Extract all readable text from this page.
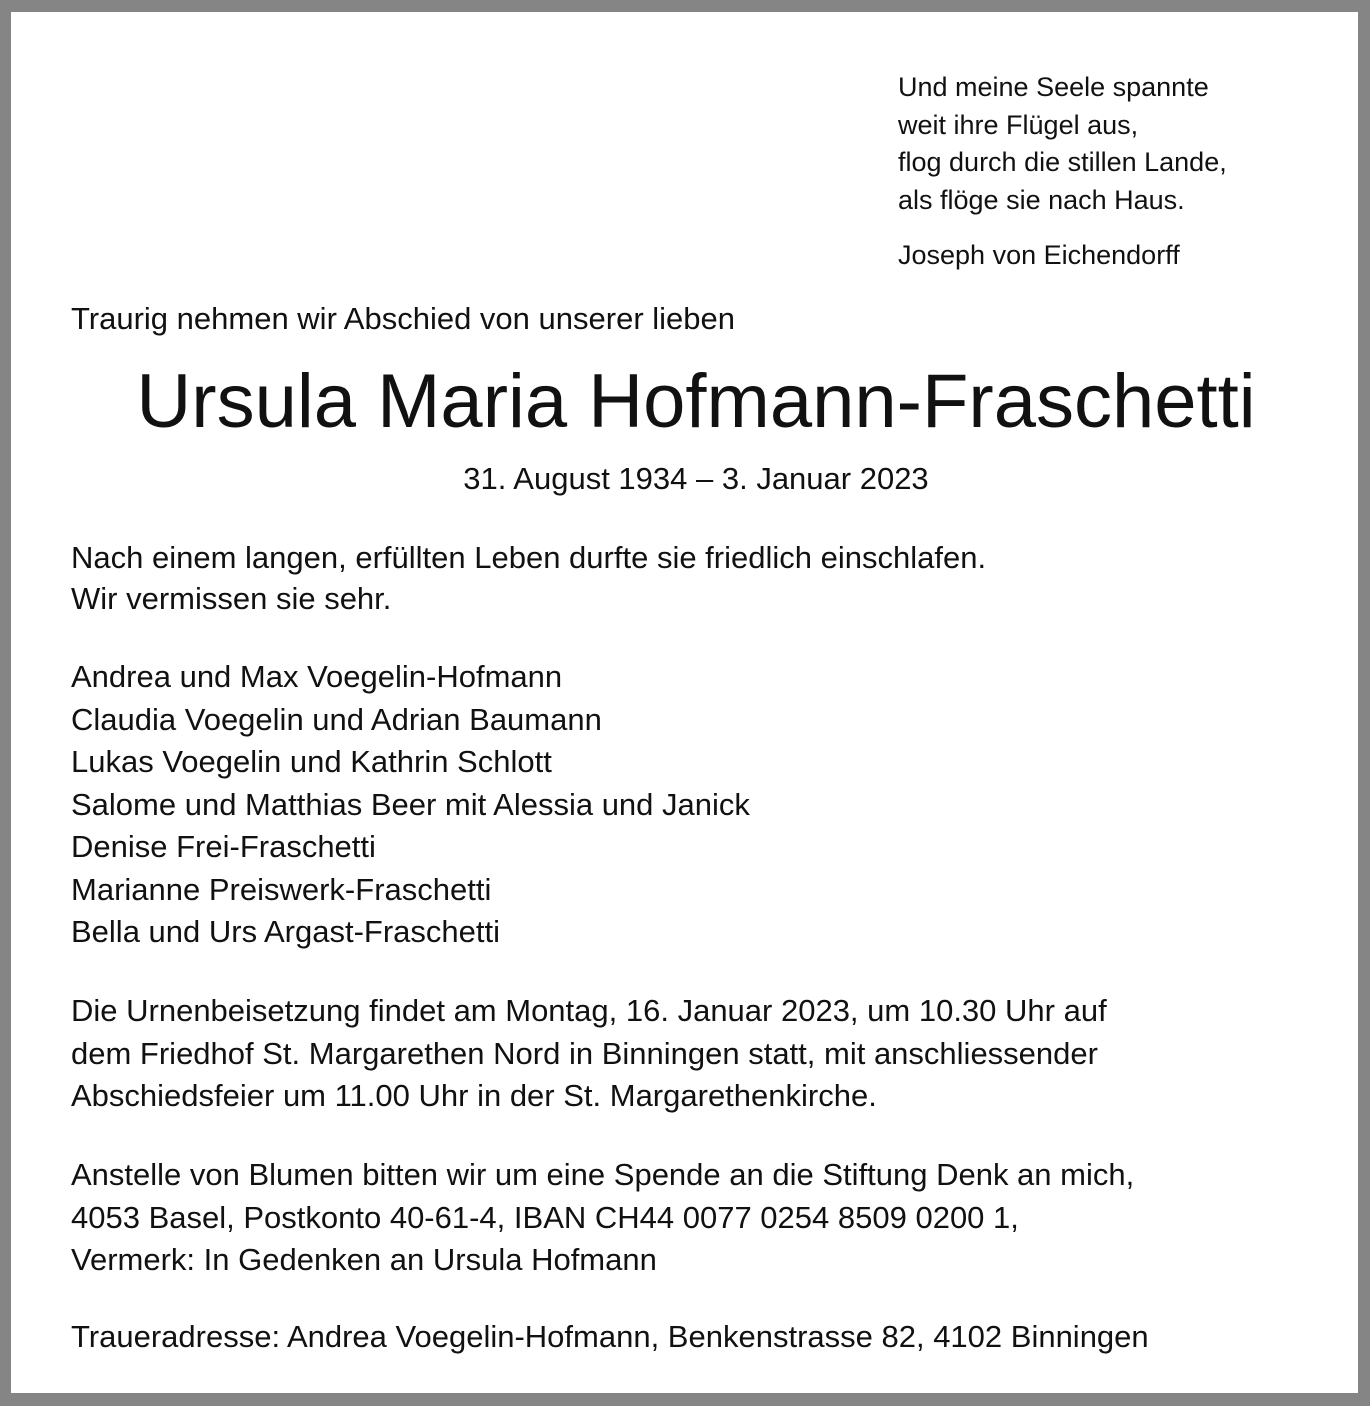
Und meine Seele spannte
weit ihre Flügel aus,
flog durch die stillen Lande,
als flöge sie nach Haus.
Joseph von Eichendorff
Traurig nehmen wir Abschied von unserer lieben
Ursula Maria Hofmann-Fraschetti
31. August 1934 – 3. Januar 2023
Nach einem langen, erfüllten Leben durfte sie friedlich einschlafen.
Wir vermissen sie sehr.
Andrea und Max Voegelin-Hofmann
Claudia Voegelin und Adrian Baumann
Lukas Voegelin und Kathrin Schlott
Salome und Matthias Beer mit Alessia und Janick
Denise Frei-Fraschetti
Marianne Preiswerk-Fraschetti
Bella und Urs Argast-Fraschetti
Die Urnenbeisetzung findet am Montag, 16. Januar 2023, um 10.30 Uhr auf
dem Friedhof St. Margarethen Nord in Binningen statt, mit anschliessender
Abschiedsfeier um 11.00 Uhr in der St. Margarethenkirche.
Anstelle von Blumen bitten wir um eine Spende an die Stiftung Denk an mich,
4053 Basel, Postkonto 40-61-4, IBAN CH44 0077 0254 8509 0200 1,
Vermerk: In Gedenken an Ursula Hofmann
Traueradresse: Andrea Voegelin-Hofmann, Benkenstrasse 82, 4102 Binningen
